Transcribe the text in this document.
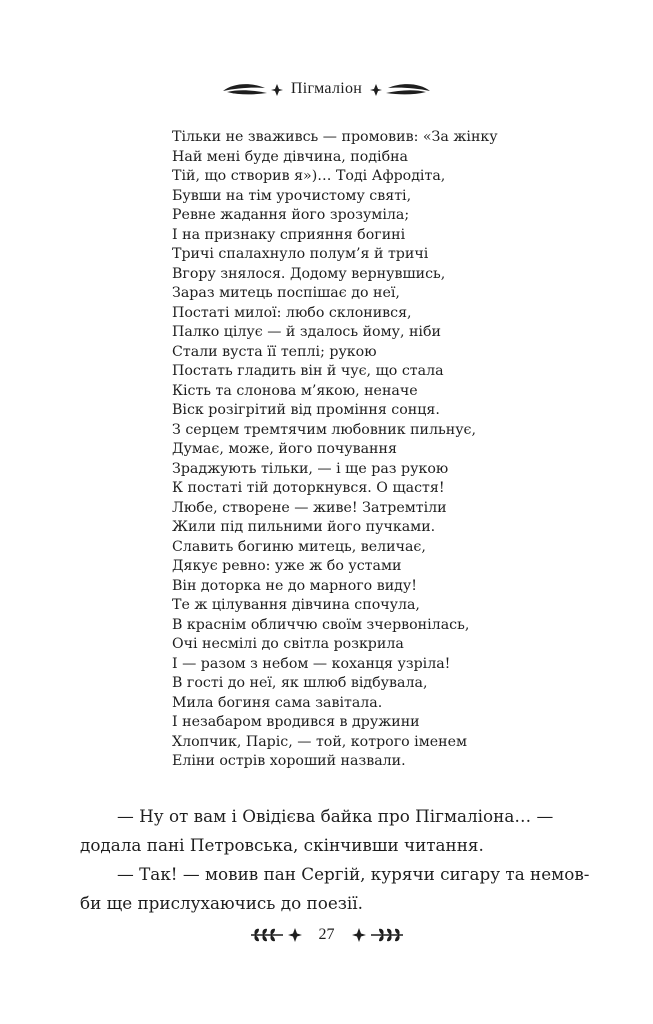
Пігмаліон
Тільки не зваживсь — промовив: «За жінку
Най мені буде дівчина, подібна
Тій, що створив я»)… Тоді Афродіта,
Бувши на тім урочистому святі,
Ревне жадання його зрозуміла;
І на признаку сприяння богині
Тричі спалахнуло полум’я й тричі
Вгору знялося. Додому вернувшись,
Зараз митець поспішає до неї,
Постаті милої: любо склонився,
Палко цілує — й здалось йому, ніби
Стали вуста її теплі; рукою
Постать гладить він й чує, що стала
Кість та слонова м’якою, неначе
Віск розігрітий від проміння сонця.
З серцем тремтячим любовник пильнує,
Думає, може, його почування
Зраджують тільки, — і ще раз рукою
К постаті тій доторкнувся. О щастя!
Любе, створене — живе! Затремтіли
Жили під пильними його пучками.
Славить богиню митець, величає,
Дякує ревно: уже ж бо устами
Він доторка не до марного виду!
Те ж цілування дівчина спочула,
В краснім обличчю своїм зчервонілась,
Очі несмілі до світла розкрила
І — разом з небом — коханця узріла!
В гості до неї, як шлюб відбувала,
Мила богиня сама завітала.
І незабаром вродився в дружини
Хлопчик, Паріс, — той, котрого іменем
Еліни острів хороший назвали.
— Ну от вам і Овідієва байка про Пігмаліона… —
додала пані Петровська, скінчивши читання.
— Так! — мовив пан Сергій, курячи сигару та немов-
би ще прислухаючись до поезії.
27
